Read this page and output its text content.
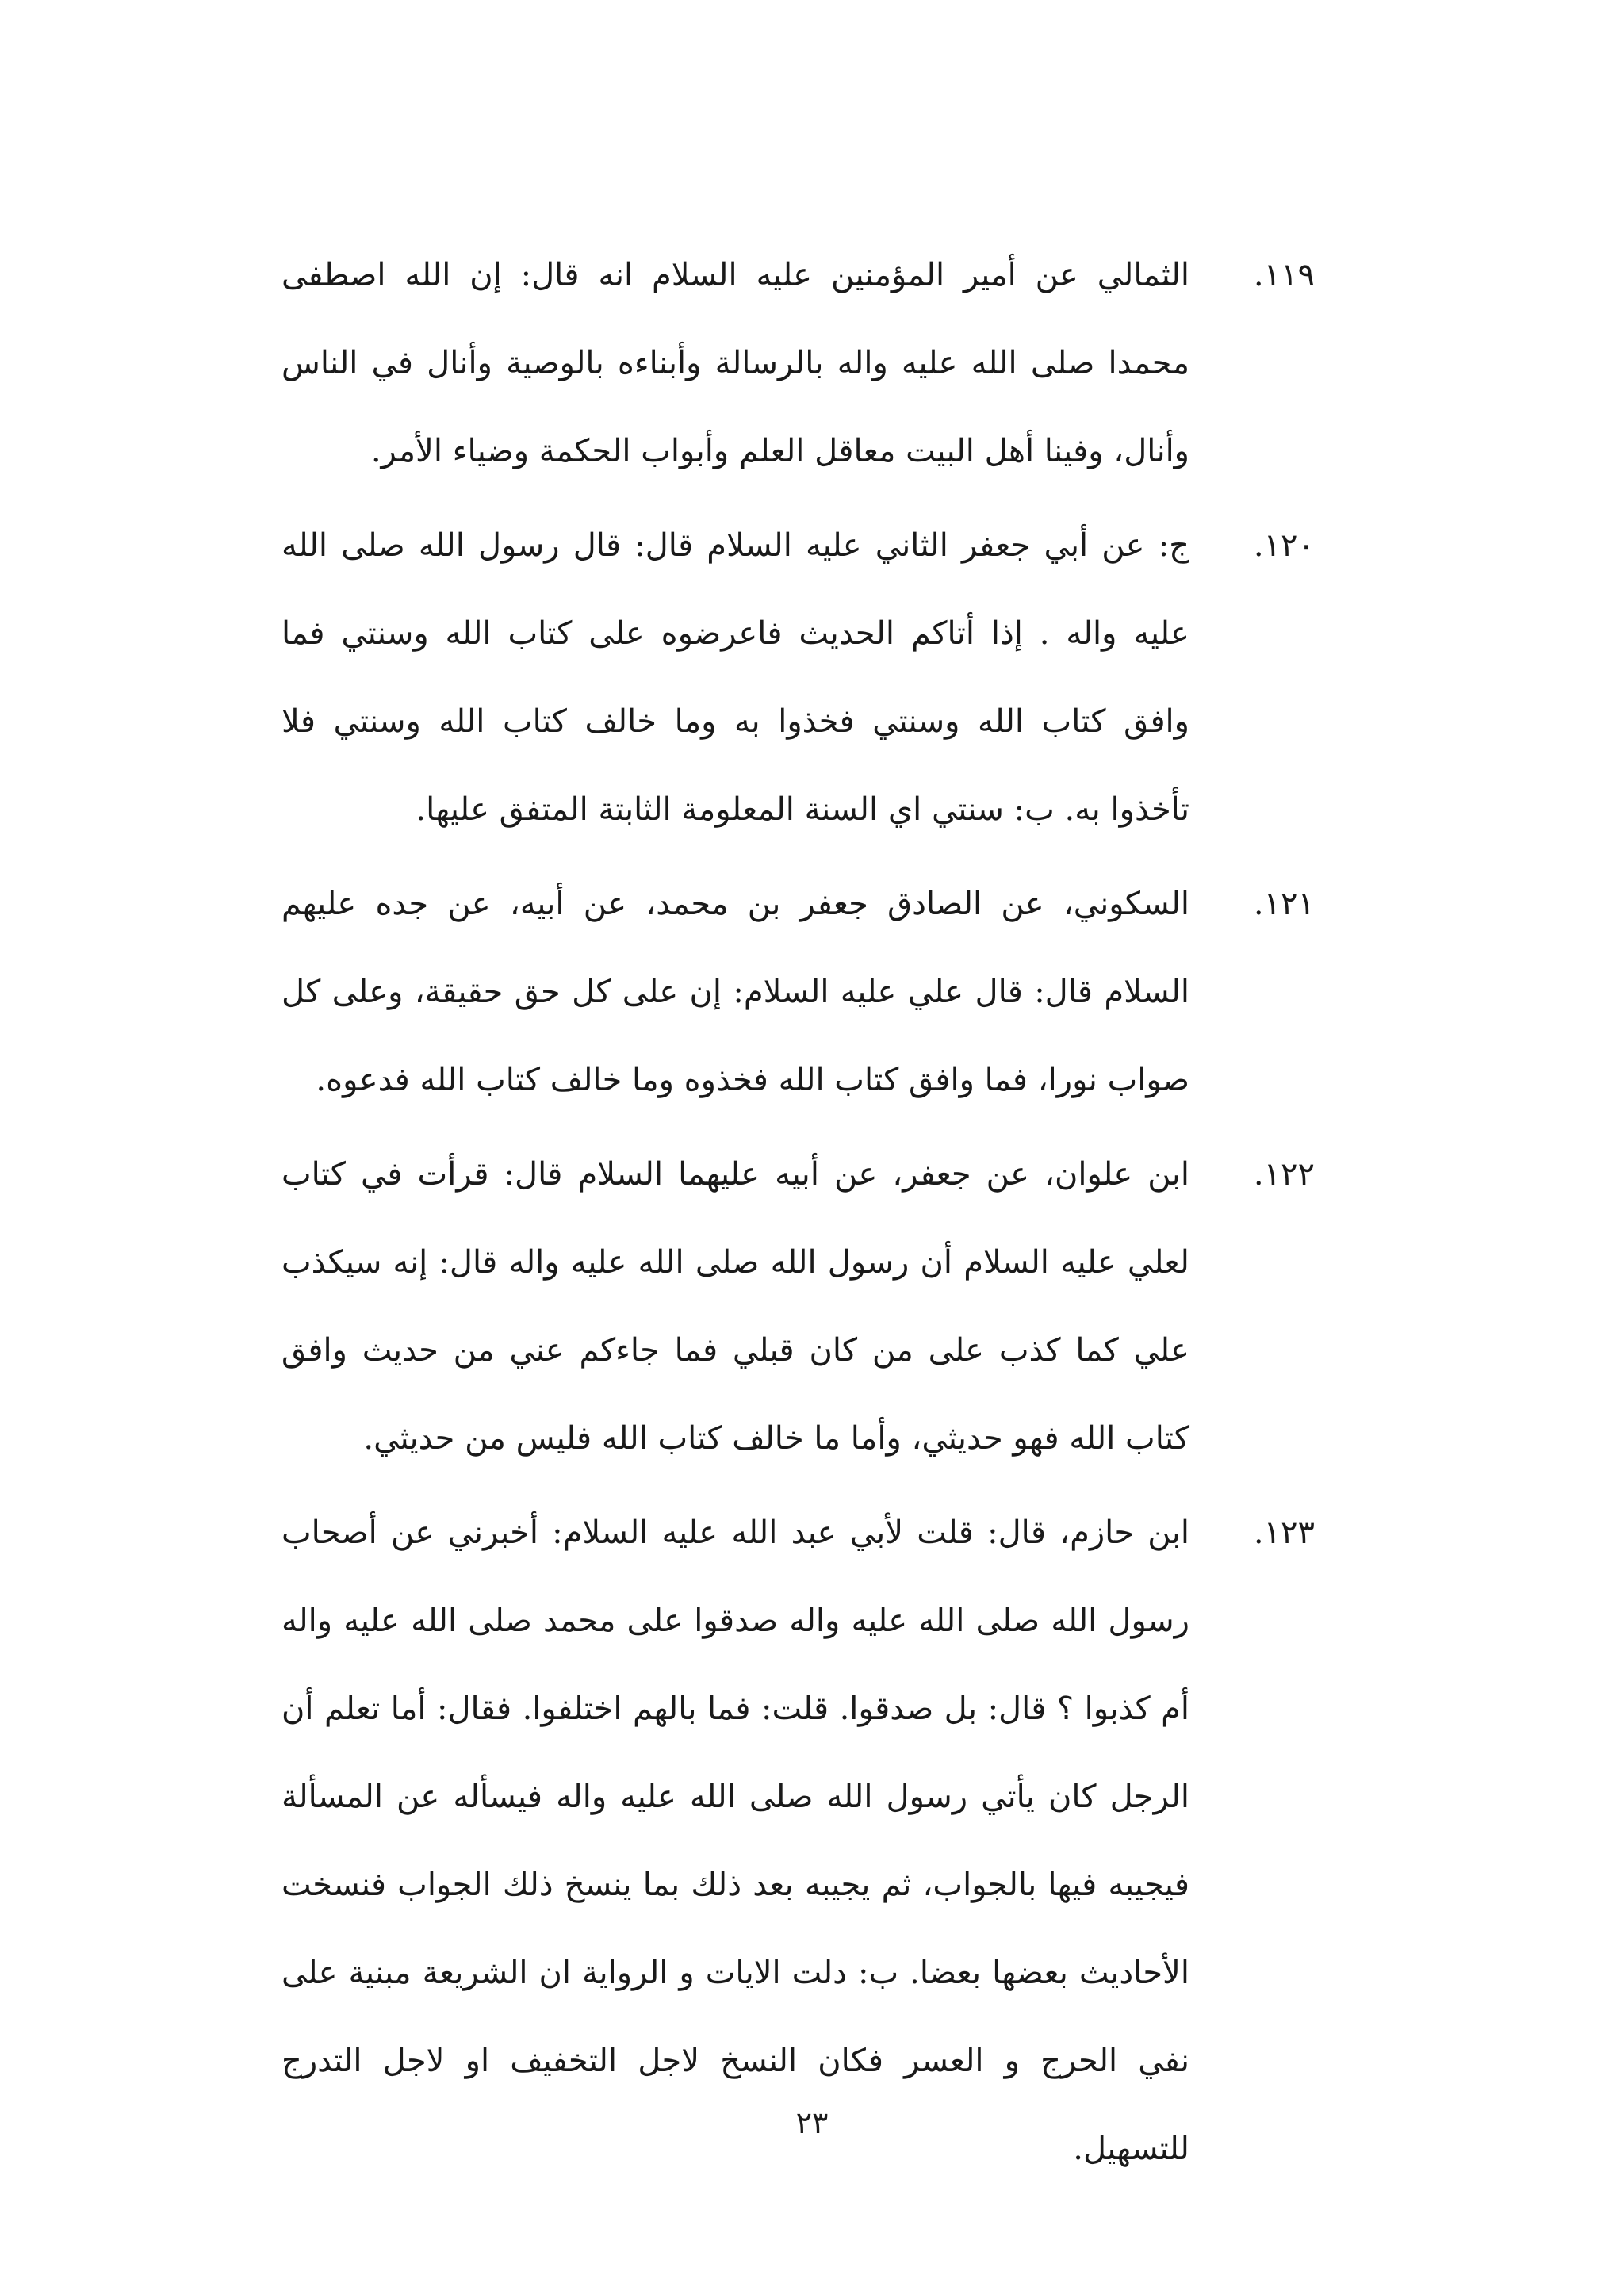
١١٩.

الثمالي عن أمير المؤمنين عليه السلام انه قال: إن الله اصطفى محمدا صلى الله عليه واله بالرسالة وأبناءه بالوصية وأنال في الناس وأنال، وفينا أهل البيت معاقل العلم وأبواب الحكمة وضياء الأمر.

١٢٠.

ج: عن أبي جعفر الثاني عليه السلام قال: قال رسول الله صلى الله عليه واله . إذا أتاكم الحديث فاعرضوه على كتاب الله وسنتي فما وافق كتاب الله وسنتي فخذوا به وما خالف كتاب الله وسنتي فلا تأخذوا به. ب: سنتي اي السنة المعلومة الثابتة المتفق عليها.

١٢١.

السكوني، عن الصادق جعفر بن محمد، عن أبيه، عن جده عليهم السلام قال: قال علي عليه السلام: إن على كل حق حقيقة، وعلى كل صواب نورا، فما وافق كتاب الله فخذوه وما خالف كتاب الله فدعوه.

١٢٢.

ابن علوان، عن جعفر، عن أبيه عليهما السلام قال: قرأت في كتاب لعلي عليه السلام أن رسول الله صلى الله عليه واله قال: إنه سيكذب علي كما كذب على من كان قبلي فما جاءكم عني من حديث وافق كتاب الله فهو حديثي، وأما ما خالف كتاب الله فليس من حديثي.

١٢٣.

ابن حازم، قال: قلت لأبي عبد الله عليه السلام: أخبرني عن أصحاب رسول الله صلى الله عليه واله صدقوا على محمد صلى الله عليه واله أم كذبوا ؟ قال: بل صدقوا. قلت: فما بالهم اختلفوا. فقال: أما تعلم أن الرجل كان يأتي رسول الله صلى الله عليه واله فيسأله عن المسألة فيجيبه فيها بالجواب، ثم يجيبه بعد ذلك بما ينسخ ذلك الجواب فنسخت الأحاديث بعضها بعضا. ب: دلت الايات و الرواية ان الشريعة مبنية على نفي الحرج و العسر فكان النسخ لاجل التخفيف او لاجل التدرج للتسهيل.

٢٣
